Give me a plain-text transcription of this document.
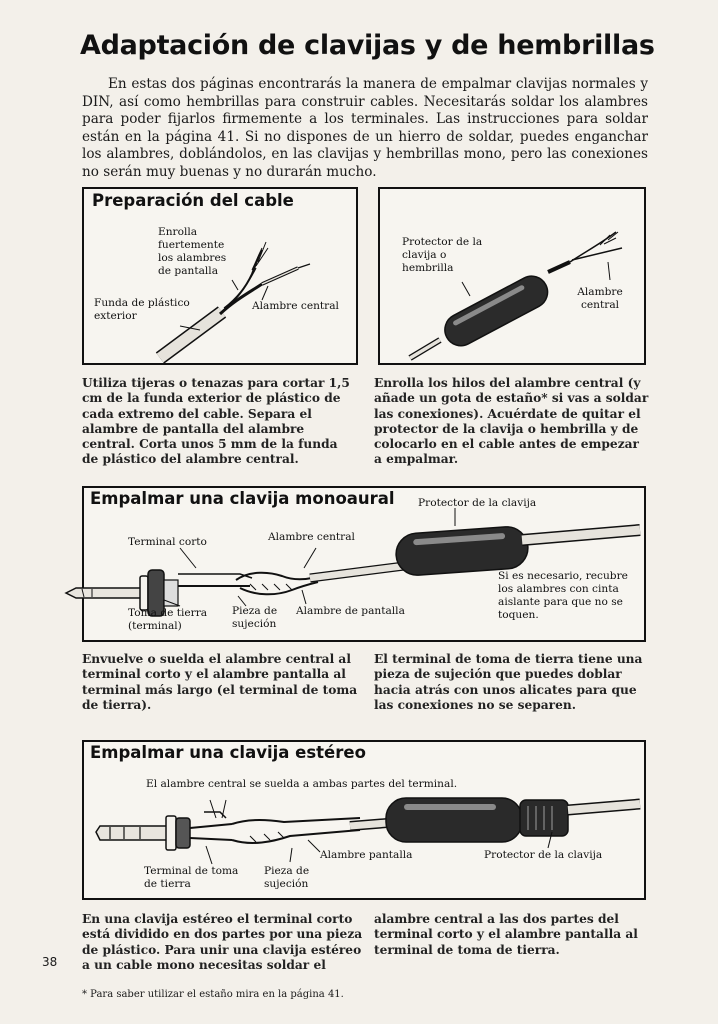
Adaptación de clavijas y de hembrillas
En estas dos páginas encontrarás la manera de empalmar clavijas normales y DIN, así como hembrillas para construir cables. Necesitarás soldar los alambres para poder fijarlos firmemente a los terminales. Las instrucciones para soldar están en la página 41. Si no dispones de un hierro de soldar, puedes enganchar los alambres, doblándolos, en las clavijas y hembrillas mono, pero las conexiones no serán muy buenas y no durarán mucho.
Preparación del cable
Empalmar una clavija monoaural
Empalmar una clavija estéreo
Enrolla fuertemente los alambres de pantalla
Funda de plástico exterior
Alambre central
Protector de la clavija o hembrilla
Alambre central
Utiliza tijeras o tenazas para cortar 1,5 cm de la funda exterior de plástico de cada extremo del cable. Separa el alambre de pantalla del alambre central. Corta unos 5 mm de la funda de plástico del alambre central.
Enrolla los hilos del alambre central (y añade un gota de estaño* si vas a soldar las conexiones). Acuérdate de quitar el protector de la clavija o hembrilla y de colocarlo en el cable antes de empezar a empalmar.
Protector de la clavija
Alambre central
Terminal corto
Toma de tierra (terminal)
Pieza de sujeción
Alambre de pantalla
Si es necesario, recubre los alambres con cinta aislante para que no se toquen.
Envuelve o suelda el alambre central al terminal corto y el alambre pantalla al terminal más largo (el terminal de toma de tierra).
El terminal de toma de tierra tiene una pieza de sujeción que puedes doblar hacia atrás con unos alicates para que las conexiones no se separen.
El alambre central se suelda a ambas partes del terminal.
Terminal de toma de tierra
Pieza de sujeción
Alambre pantalla	Protector de la clavija
En una clavija estéreo el terminal corto está dividido en dos partes por una pieza de plástico. Para unir una clavija estéreo a un cable mono necesitas soldar el
alambre central a las dos partes del terminal corto y el alambre pantalla al terminal de toma de tierra.
38
* Para saber utilizar el estaño mira en la página 41.
